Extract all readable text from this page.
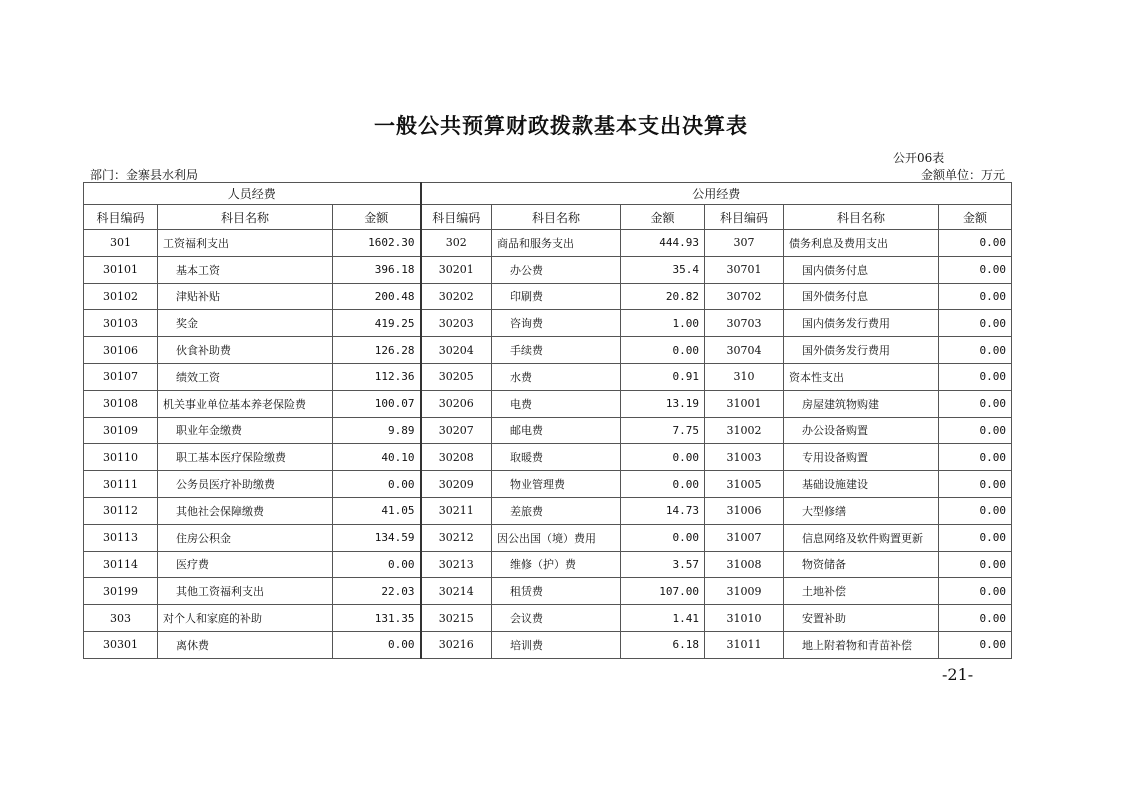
一般公共预算财政拨款基本支出决算表
公开06表
部门：金寨县水利局	金额单位：万元
人员经费			公用经费					
科目编码	科目名称	金额	科目编码	科目名称	金额	科目编码	科目名称	金额
301	工资福利支出	1602.30	302	商品和服务支出	444.93	307	债务利息及费用支出	0.00
30101	基本工资	396.18	30201	办公费	35.4	30701	国内债务付息	0.00
30102	津贴补贴	200.48	30202	印刷费	20.82	30702	国外债务付息	0.00
30103	奖金	419.25	30203	咨询费	1.00	30703	国内债务发行费用	0.00
30106	伙食补助费	126.28	30204	手续费	0.00	30704	国外债务发行费用	0.00
30107	绩效工资	112.36	30205	水费	0.91	310	资本性支出	0.00
30108	机关事业单位基本养老保险费	100.07	30206	电费	13.19	31001	房屋建筑物购建	0.00
30109	职业年金缴费	9.89	30207	邮电费	7.75	31002	办公设备购置	0.00
30110	职工基本医疗保险缴费	40.10	30208	取暖费	0.00	31003	专用设备购置	0.00
30111	公务员医疗补助缴费	0.00	30209	物业管理费	0.00	31005	基础设施建设	0.00
30112	其他社会保障缴费	41.05	30211	差旅费	14.73	31006	大型修缮	0.00
30113	住房公积金	134.59	30212	因公出国（境）费用	0.00	31007	信息网络及软件购置更新	0.00
30114	医疗费	0.00	30213	维修（护）费	3.57	31008	物资储备	0.00
30199	其他工资福利支出	22.03	30214	租赁费	107.00	31009	土地补偿	0.00
303	对个人和家庭的补助	131.35	30215	会议费	1.41	31010	安置补助	0.00
30301	离休费	0.00	30216	培训费	6.18	31011	地上附着物和青苗补偿	0.00
-21-
